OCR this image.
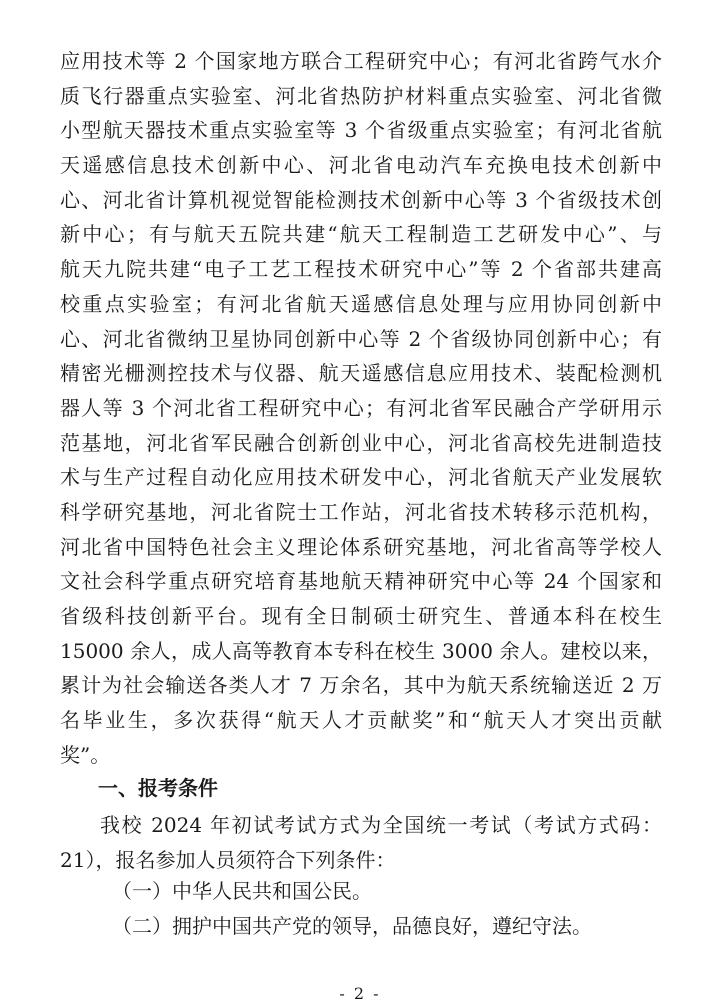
应用技术等 2 个国家地方联合工程研究中心；有河北省跨气水介
质飞行器重点实验室、河北省热防护材料重点实验室、河北省微
小型航天器技术重点实验室等 3 个省级重点实验室；有河北省航
天遥感信息技术创新中心、河北省电动汽车充换电技术创新中
心、河北省计算机视觉智能检测技术创新中心等 3 个省级技术创
新中心；有与航天五院共建“航天工程制造工艺研发中心”、与
航天九院共建“电子工艺工程技术研究中心”等 2 个省部共建高
校重点实验室；有河北省航天遥感信息处理与应用协同创新中
心、河北省微纳卫星协同创新中心等 2 个省级协同创新中心；有
精密光栅测控技术与仪器、航天遥感信息应用技术、装配检测机
器人等 3 个河北省工程研究中心；有河北省军民融合产学研用示
范基地，河北省军民融合创新创业中心，河北省高校先进制造技
术与生产过程自动化应用技术研发中心，河北省航天产业发展软
科学研究基地，河北省院士工作站，河北省技术转移示范机构，
河北省中国特色社会主义理论体系研究基地，河北省高等学校人
文社会科学重点研究培育基地航天精神研究中心等 24 个国家和
省级科技创新平台。现有全日制硕士研究生、普通本科在校生
15000 余人，成人高等教育本专科在校生 3000 余人。建校以来，
累计为社会输送各类人才 7 万余名，其中为航天系统输送近 2 万
名毕业生，多次获得“航天人才贡献奖”和“航天人才突出贡献
奖”。
一、报考条件
我校 2024 年初试考试方式为全国统一考试（考试方式码：
21），报名参加人员须符合下列条件：
（一）中华人民共和国公民。
（二）拥护中国共产党的领导，品德良好，遵纪守法。
- 2 -
